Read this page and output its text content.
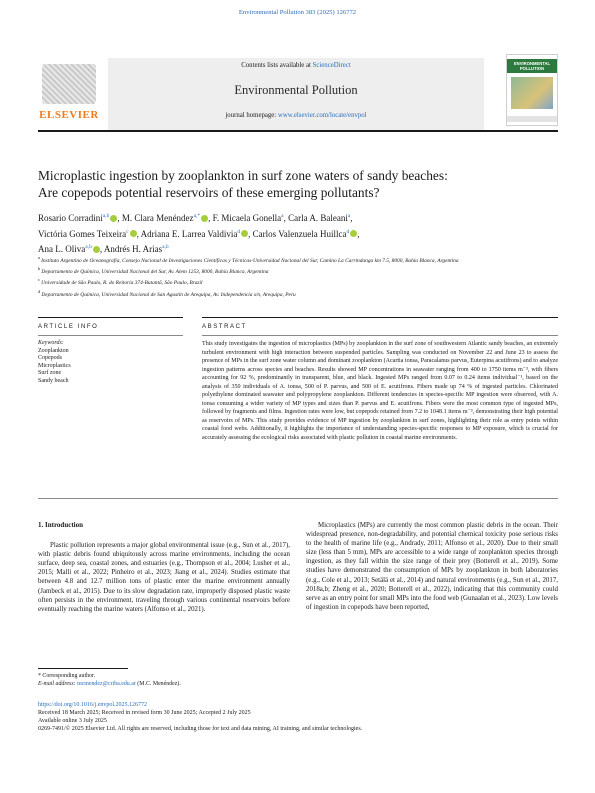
Environmental Pollution 383 (2025) 126772
ELSEVIER
Contents lists available at ScienceDirect
Environmental Pollution
journal homepage: www.elsevier.com/locate/envpol
ENVIRONMENTAL POLLUTION
Microplastic ingestion by zooplankton in surf zone waters of sandy beaches:
Are copepods potential reservoirs of these emerging pollutants?
Rosario Corradini$^{a,b}$ , M. Clara Menéndez$^{a,*}$ , F. Micaela Gonella$^a$, Carla A. Baleani$^a$,
Victória Gomes Teixeira$^c$ , Adriana E. Larrea Valdivia$^d$ , Carlos Valenzuela Huillca$^d$ ,
Ana L. Oliva$^{a,b}$ , Andrés H. Arias$^{a,b}$
$^a$ Instituto Argentino de Oceanografía, Consejo Nacional de Investigaciones Científicas y Técnicas-Universidad Nacional del Sur, Camino La Carrindanga km 7.5, 8000, Bahía Blanca, Argentina
$^b$ Departamento de Química, Universidad Nacional del Sur, Av. Alem 1253, 8000, Bahía Blanca, Argentina
$^c$ Universidade de São Paulo, R. do Reitoria 374-Butantã, São Paulo, Brazil
$^d$ Departamento de Química, Universidad Nacional de San Agustín de Arequipa, Av. Independencia s/n, Arequipa, Peru
ARTICLE INFO	ABSTRACT
Keywords:
Zooplankton
Copepods
Microplastics
Surf zone
Sandy beach
This study investigates the ingestion of microplastics (MPs) by zooplankton in the surf zone of southwestern Atlantic sandy beaches, an extremely turbulent environment with high interaction between suspended particles. Sampling was conducted on November 22 and June 23 to assess the presence of MPs in the surf zone water column and dominant zooplankton (Acartia tonsa, Paracalanus parvus, Euterpina acutifrons) and to analyze ingestion patterns across species and beaches. Results showed MP concentrations in seawater ranging from 400 to 1750 items m⁻³, with fibers accounting for 92 %, predominantly in transparent, blue, and black. Ingested MPs ranged from 0.07 to 0.24 items individual⁻¹, based on the analysis of 350 individuals of A. tonsa, 500 of P. parvus, and 500 of E. acutifrons. Fibers made up 74 % of ingested particles. Chlorinated polyethylene dominated seawater and polypropylene zooplankton. Different tendencies in species-specific MP ingestion were observed, with A. tonsa consuming a wider variety of MP types and sizes than P. parvus and E. acutifrons. Fibers were the most common type of ingested MPs, followed by fragments and films. Ingestion rates were low, but copepods retained from 7.2 to 1048.1 items m⁻³, demonstrating their high potential as reservoirs of MPs. This study provides evidence of MP ingestion by zooplankton in surf zones, highlighting their role as entry points within coastal food webs. Additionally, it highlights the importance of understanding species-specific responses to MP exposure, which is crucial for accurately assessing the ecological risks associated with plastic pollution in coastal marine environments.
1. Introduction
Plastic pollution represents a major global environmental issue (e.g., Sun et al., 2017), with plastic debris found ubiquitously across marine environments, including the ocean surface, deep sea, coastal zones, and estuaries (e.g., Thompson et al., 2004; Lusher et al., 2015; Malli et al., 2022; Pinheiro et al., 2023; Jiang et al., 2024). Studies estimate that between 4.8 and 12.7 million tons of plastic enter the marine environment annually (Jambeck et al., 2015). Due to its slow degradation rate, improperly disposed plastic waste often persists in the environment, traveling through various continental reservoirs before eventually reaching the marine waters (Alfonso et al., 2021).
Microplastics (MPs) are currently the most common plastic debris in the ocean. Their widespread presence, non-degradability, and potential chemical toxicity pose serious risks to the health of marine life (e.g., Andrady, 2011; Alfonso et al., 2020). Due to their small size (less than 5 mm), MPs are accessible to a wide range of zooplankton species through ingestion, as they fall within the size range of their prey (Botterell et al., 2019). Some studies have demonstrated the consumption of MPs by zooplankton in both laboratories (e.g., Cole et al., 2013; Setälä et al., 2014) and natural environments (e.g., Sun et al., 2017, 2018a,b; Zheng et al., 2020; Botterell et al., 2022), indicating that this community could serve as an entry point for small MPs into the food web (Gunaalan et al., 2023). Low levels of ingestion in copepods have been reported,
* Corresponding author.
E-mail address: mcmendez@criba.edu.ar (M.C. Menéndez).
https://doi.org/10.1016/j.envpol.2025.126772
Received 18 March 2025; Received in revised form 30 June 2025; Accepted 2 July 2025
Available online 3 July 2025
0269-7491/© 2025 Elsevier Ltd. All rights are reserved, including those for text and data mining, AI training, and similar technologies.
